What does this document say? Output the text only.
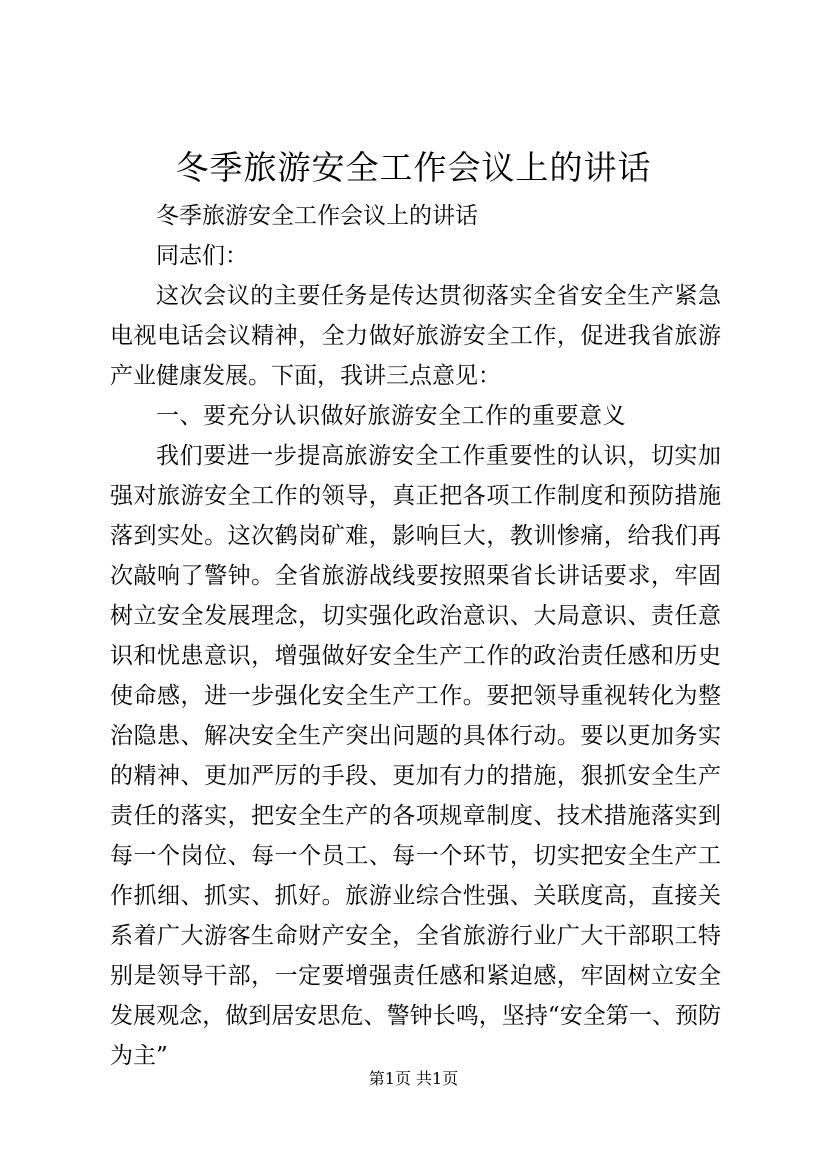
冬季旅游安全工作会议上的讲话

冬季旅游安全工作会议上的讲话

同志们：

这次会议的主要任务是传达贯彻落实全省安全生产紧急电视电话会议精神，全力做好旅游安全工作，促进我省旅游产业健康发展。下面，我讲三点意见：

一、要充分认识做好旅游安全工作的重要意义

我们要进一步提高旅游安全工作重要性的认识，切实加强对旅游安全工作的领导，真正把各项工作制度和预防措施落到实处。这次鹤岗矿难，影响巨大，教训惨痛，给我们再次敲响了警钟。全省旅游战线要按照栗省长讲话要求，牢固树立安全发展理念，切实强化政治意识、大局意识、责任意识和忧患意识，增强做好安全生产工作的政治责任感和历史使命感，进一步强化安全生产工作。要把领导重视转化为整治隐患、解决安全生产突出问题的具体行动。要以更加务实的精神、更加严厉的手段、更加有力的措施，狠抓安全生产责任的落实，把安全生产的各项规章制度、技术措施落实到每一个岗位、每一个员工、每一个环节，切实把安全生产工作抓细、抓实、抓好。旅游业综合性强、关联度高，直接关系着广大游客生命财产安全，全省旅游行业广大干部职工特别是领导干部，一定要增强责任感和紧迫感，牢固树立安全发展观念，做到居安思危、警钟长鸣，坚持“安全第一、预防为主”

第1页 共1页
